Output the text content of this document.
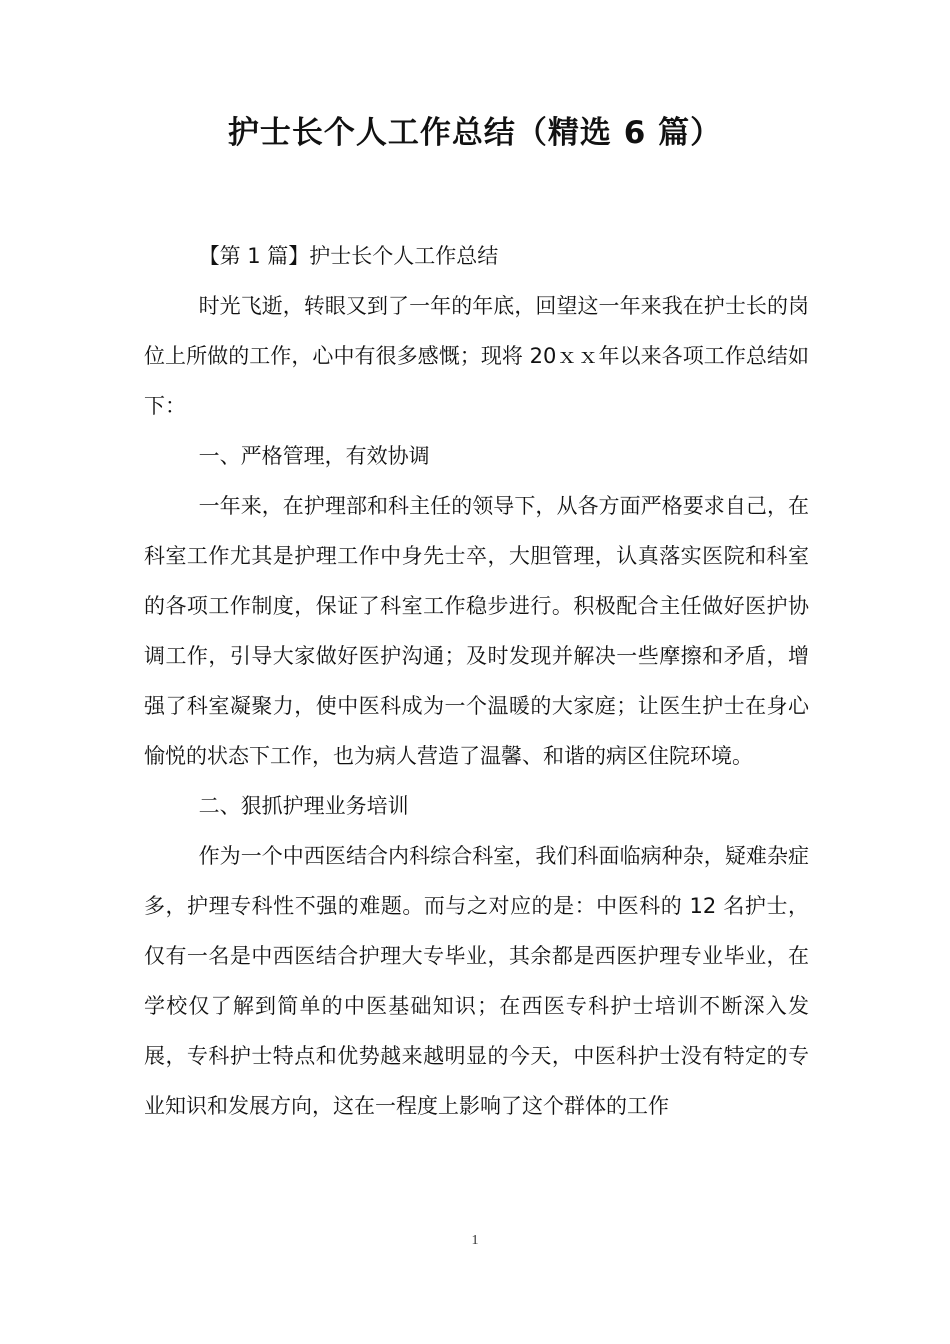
护士长个人工作总结（精选 6 篇）

【第 1 篇】护士长个人工作总结

时光飞逝，转眼又到了一年的年底，回望这一年来我在护士长的岗位上所做的工作，心中有很多感慨；现将 20ｘｘ年以来各项工作总结如下：

一、严格管理，有效协调

一年来，在护理部和科主任的领导下，从各方面严格要求自己，在科室工作尤其是护理工作中身先士卒，大胆管理，认真落实医院和科室的各项工作制度，保证了科室工作稳步进行。积极配合主任做好医护协调工作，引导大家做好医护沟通；及时发现并解决一些摩擦和矛盾，增强了科室凝聚力，使中医科成为一个温暖的大家庭；让医生护士在身心愉悦的状态下工作，也为病人营造了温馨、和谐的病区住院环境。

二、狠抓护理业务培训

作为一个中西医结合内科综合科室，我们科面临病种杂，疑难杂症多，护理专科性不强的难题。而与之对应的是：中医科的 12 名护士，仅有一名是中西医结合护理大专毕业，其余都是西医护理专业毕业，在学校仅了解到简单的中医基础知识；在西医专科护士培训不断深入发展，专科护士特点和优势越来越明显的今天，中医科护士没有特定的专业知识和发展方向，这在一程度上影响了这个群体的工作

1
